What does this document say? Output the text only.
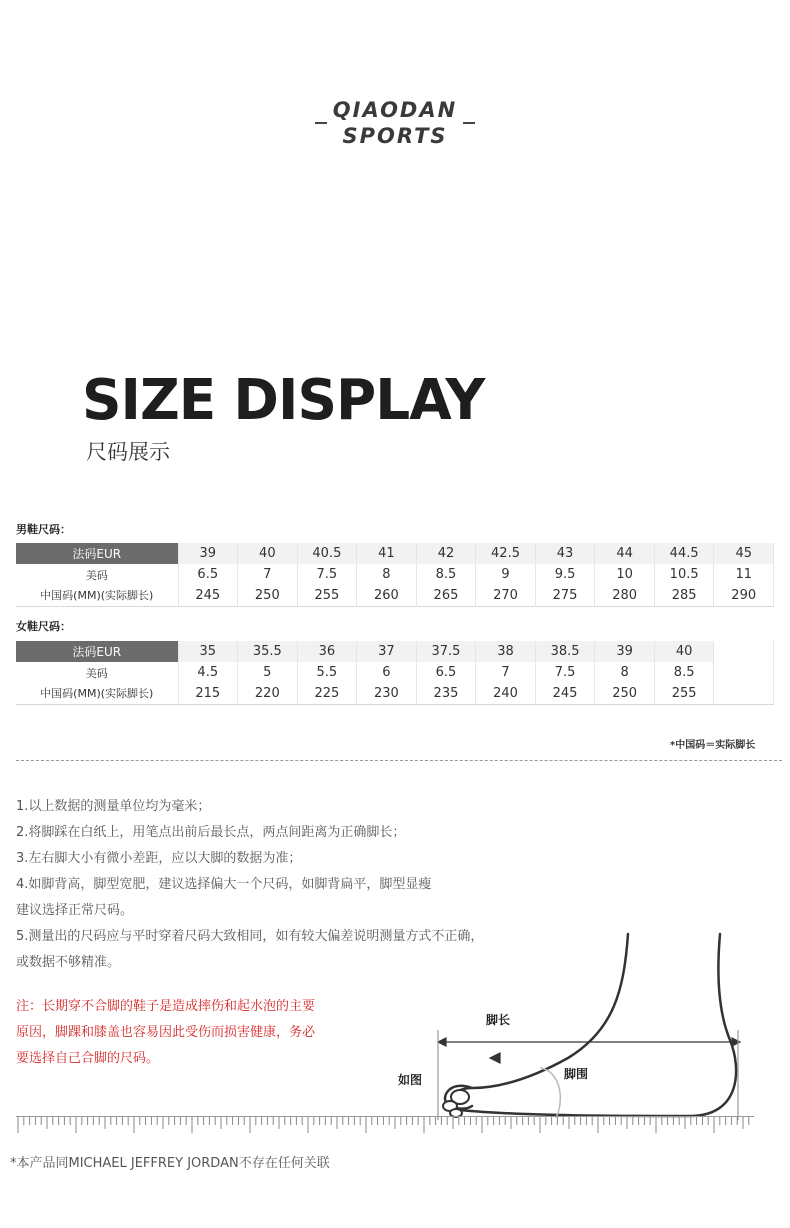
QIAODAN
SPORTS
SIZE DISPLAY
尺码展示
男鞋尺码：
法码EUR	39	40	40.5	41	42	42.5	43	44	44.5	45
美码	6.5	7	7.5	8	8.5	9	9.5	10	10.5	11
中国码(MM)(实际脚长)	245	250	255	260	265	270	275	280	285	290
女鞋尺码：
法码EUR	35	35.5	36	37	37.5	38	38.5	39	40	
美码	4.5	5	5.5	6	6.5	7	7.5	8	8.5	
中国码(MM)(实际脚长)	215	220	225	230	235	240	245	250	255	
*中国码＝实际脚长
1.以上数据的测量单位均为毫米；
2.将脚踩在白纸上，用笔点出前后最长点，两点间距离为正确脚长；
3.左右脚大小有微小差距，应以大脚的数据为准；
4.如脚背高，脚型宽肥，建议选择偏大一个尺码，如脚背扁平，脚型显瘦
建议选择正常尺码。
5.测量出的尺码应与平时穿着尺码大致相同，如有较大偏差说明测量方式不正确，
或数据不够精准。
注：长期穿不合脚的鞋子是造成摔伤和起水泡的主要
原因，脚踝和膝盖也容易因此受伤而损害健康，务必
要选择自己合脚的尺码。
脚长
脚围
如图
*本产品同MICHAEL JEFFREY JORDAN不存在任何关联
